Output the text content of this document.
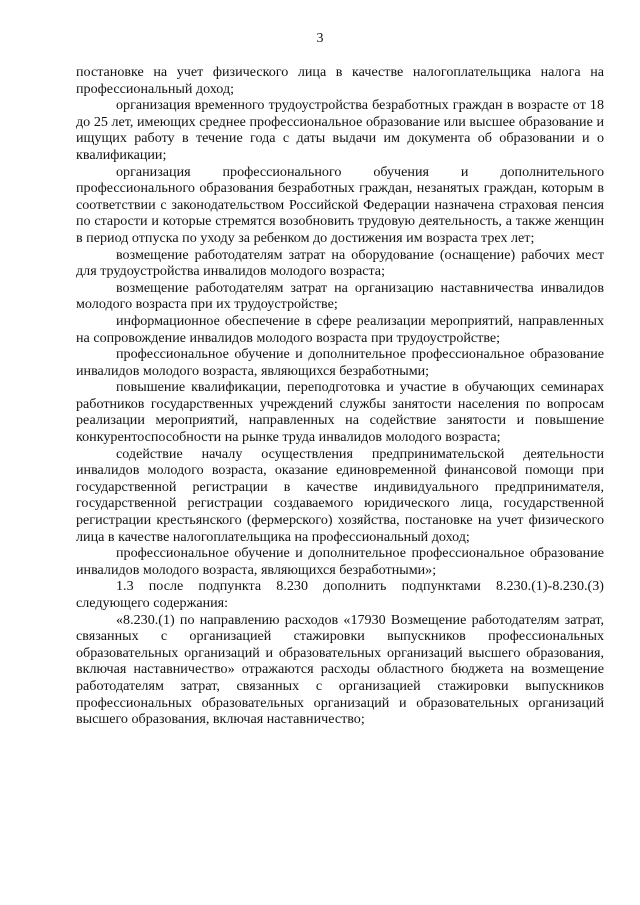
3

постановке на учет физического лица в качестве налогоплательщика налога на профессиональный доход;

организация временного трудоустройства безработных граждан в возрасте от 18 до 25 лет, имеющих среднее профессиональное образование или высшее образование и ищущих работу в течение года с даты выдачи им документа об образовании и о квалификации;

организация профессионального обучения и дополнительного профессионального образования безработных граждан, незанятых граждан, которым в соответствии с законодательством Российской Федерации назначена страховая пенсия по старости и которые стремятся возобновить трудовую деятельность, а также женщин в период отпуска по уходу за ребенком до достижения им возраста трех лет;

возмещение работодателям затрат на оборудование (оснащение) рабочих мест для трудоустройства инвалидов молодого возраста;

возмещение работодателям затрат на организацию наставничества инвалидов молодого возраста при их трудоустройстве;

информационное обеспечение в сфере реализации мероприятий, направленных на сопровождение инвалидов молодого возраста при трудоустройстве;

профессиональное обучение и дополнительное профессиональное образование инвалидов молодого возраста, являющихся безработными;

повышение квалификации, переподготовка и участие в обучающих семинарах работников государственных учреждений службы занятости населения по вопросам реализации мероприятий, направленных на содействие занятости и повышение конкурентоспособности на рынке труда инвалидов молодого возраста;

содействие началу осуществления предпринимательской деятельности инвалидов молодого возраста, оказание единовременной финансовой помощи при государственной регистрации в качестве индивидуального предпринимателя, государственной регистрации создаваемого юридического лица, государственной регистрации крестьянского (фермерского) хозяйства, постановке на учет физического лица в качестве налогоплательщика на профессиональный доход;

профессиональное обучение и дополнительное профессиональное образование инвалидов молодого возраста, являющихся безработными»;

1.3 после подпункта 8.230 дополнить подпунктами 8.230.(1)-8.230.(3) следующего содержания:

«8.230.(1) по направлению расходов «17930 Возмещение работодателям затрат, связанных с организацией стажировки выпускников профессиональных образовательных организаций и образовательных организаций высшего образования, включая наставничество» отражаются расходы областного бюджета на возмещение работодателям затрат, связанных с организацией стажировки выпускников профессиональных образовательных организаций и образовательных организаций высшего образования, включая наставничество;
